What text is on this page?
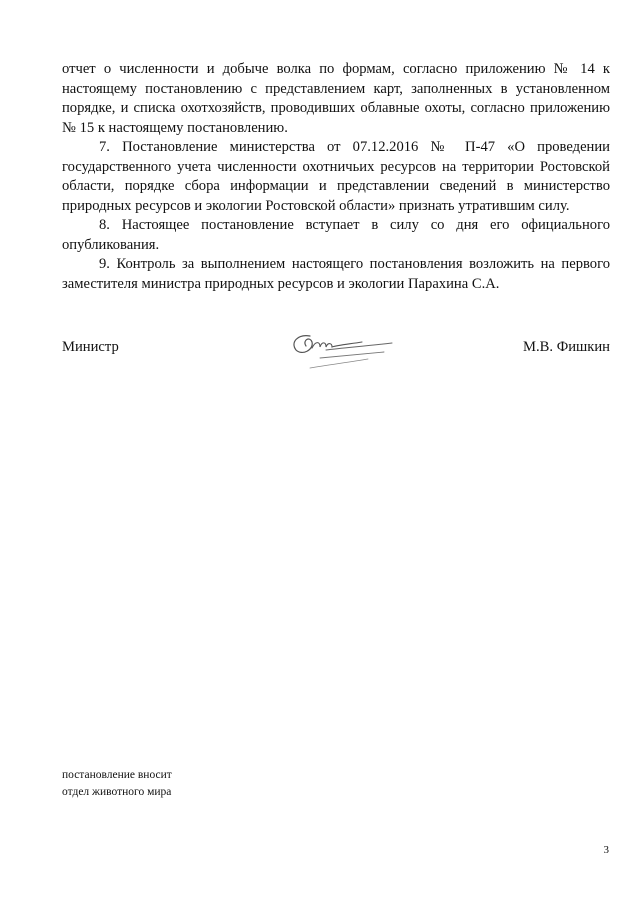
отчет о численности и добыче волка по формам, согласно приложению № 14 к настоящему постановлению с представлением карт, заполненных в установленном порядке, и списка охотхозяйств, проводивших облавные охоты, согласно приложению № 15 к настоящему постановлению.

7. Постановление министерства от 07.12.2016 № П-47 «О проведении государственного учета численности охотничьих ресурсов на территории Ростовской области, порядке сбора информации и представлении сведений в министерство природных ресурсов и экологии Ростовской области» признать утратившим силу.

8. Настоящее постановление вступает в силу со дня его официального опубликования.

9. Контроль за выполнением настоящего постановления возложить на первого заместителя министра природных ресурсов и экологии Парахина С.А.

Министр	М.В. Фишкин
постановление вносит
отдел животного мира
3
